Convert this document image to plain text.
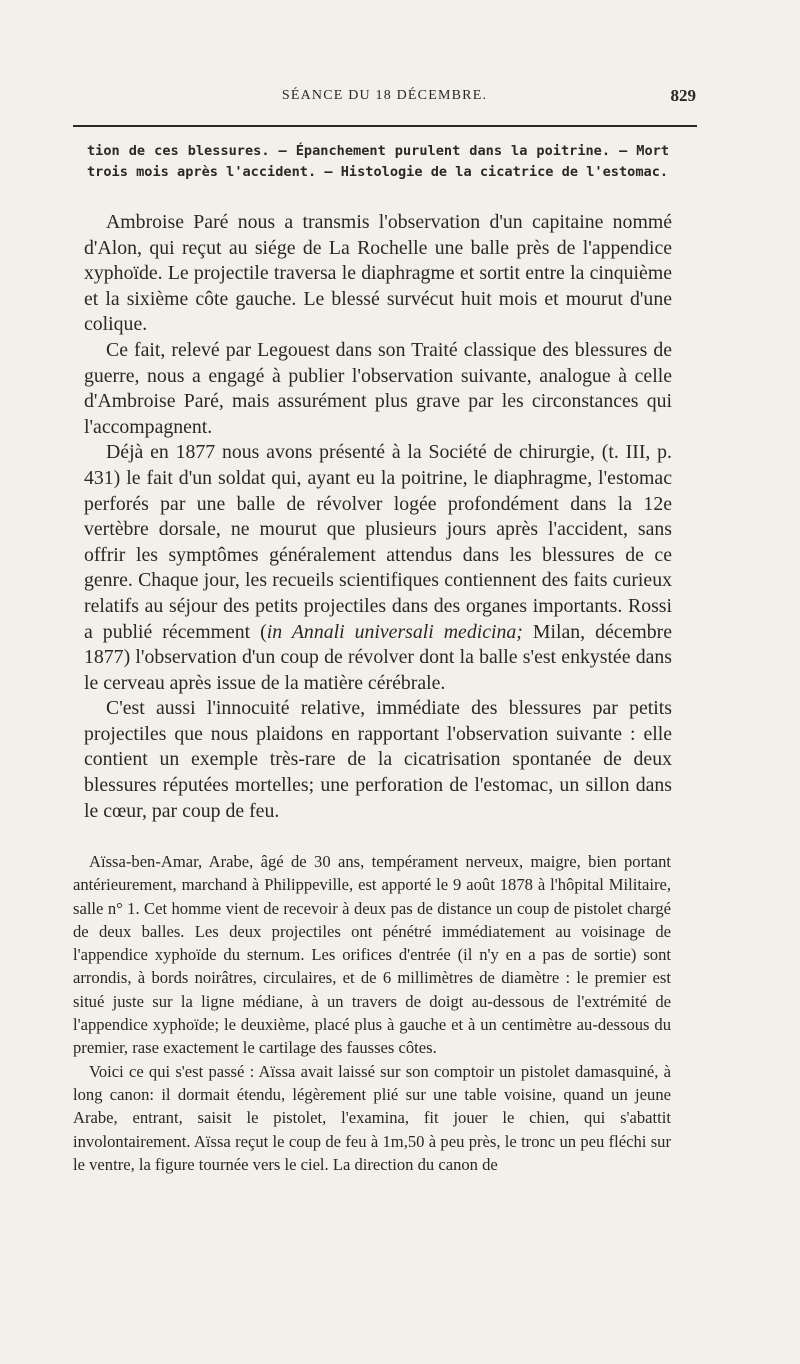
SÉANCE DU 18 DÉCEMBRE.	829
tion de ces blessures. — Épanchement purulent dans la poitrine. — Mort trois mois après l'accident. — Histologie de la cicatrice de l'estomac.

Ambroise Paré nous a transmis l'observation d'un capitaine nommé d'Alon, qui reçut au siége de La Rochelle une balle près de l'appendice xyphoïde. Le projectile traversa le diaphragme et sortit entre la cinquième et la sixième côte gauche. Le blessé survécut huit mois et mourut d'une colique.

Ce fait, relevé par Legouest dans son Traité classique des blessures de guerre, nous a engagé à publier l'observation suivante, analogue à celle d'Ambroise Paré, mais assurément plus grave par les circonstances qui l'accompagnent.

Déjà en 1877 nous avons présenté à la Société de chirurgie, (t. III, p. 431) le fait d'un soldat qui, ayant eu la poitrine, le diaphragme, l'estomac perforés par une balle de révolver logée profondément dans la 12e vertèbre dorsale, ne mourut que plusieurs jours après l'accident, sans offrir les symptômes généralement attendus dans les blessures de ce genre. Chaque jour, les recueils scientifiques contiennent des faits curieux relatifs au séjour des petits projectiles dans des organes importants. Rossi a publié récemment (in Annali universali medicina; Milan, décembre 1877) l'observation d'un coup de révolver dont la balle s'est enkystée dans le cerveau après issue de la matière cérébrale.

C'est aussi l'innocuité relative, immédiate des blessures par petits projectiles que nous plaidons en rapportant l'observation suivante : elle contient un exemple très-rare de la cicatrisation spontanée de deux blessures réputées mortelles; une perforation de l'estomac, un sillon dans le cœur, par coup de feu.

Aïssa-ben-Amar, Arabe, âgé de 30 ans, tempérament nerveux, maigre, bien portant antérieurement, marchand à Philippeville, est apporté le 9 août 1878 à l'hôpital Militaire, salle n° 1. Cet homme vient de recevoir à deux pas de distance un coup de pistolet chargé de deux balles. Les deux projectiles ont pénétré immédiatement au voisinage de l'appendice xyphoïde du sternum. Les orifices d'entrée (il n'y en a pas de sortie) sont arrondis, à bords noirâtres, circulaires, et de 6 millimètres de diamètre : le premier est situé juste sur la ligne médiane, à un travers de doigt au-dessous de l'extrémité de l'appendice xyphoïde; le deuxième, placé plus à gauche et à un centimètre au-dessous du premier, rase exactement le cartilage des fausses côtes.

Voici ce qui s'est passé : Aïssa avait laissé sur son comptoir un pistolet damasquiné, à long canon: il dormait étendu, légèrement plié sur une table voisine, quand un jeune Arabe, entrant, saisit le pistolet, l'examina, fit jouer le chien, qui s'abattit involontairement. Aïssa reçut le coup de feu à 1m,50 à peu près, le tronc un peu fléchi sur le ventre, la figure tournée vers le ciel. La direction du canon de
